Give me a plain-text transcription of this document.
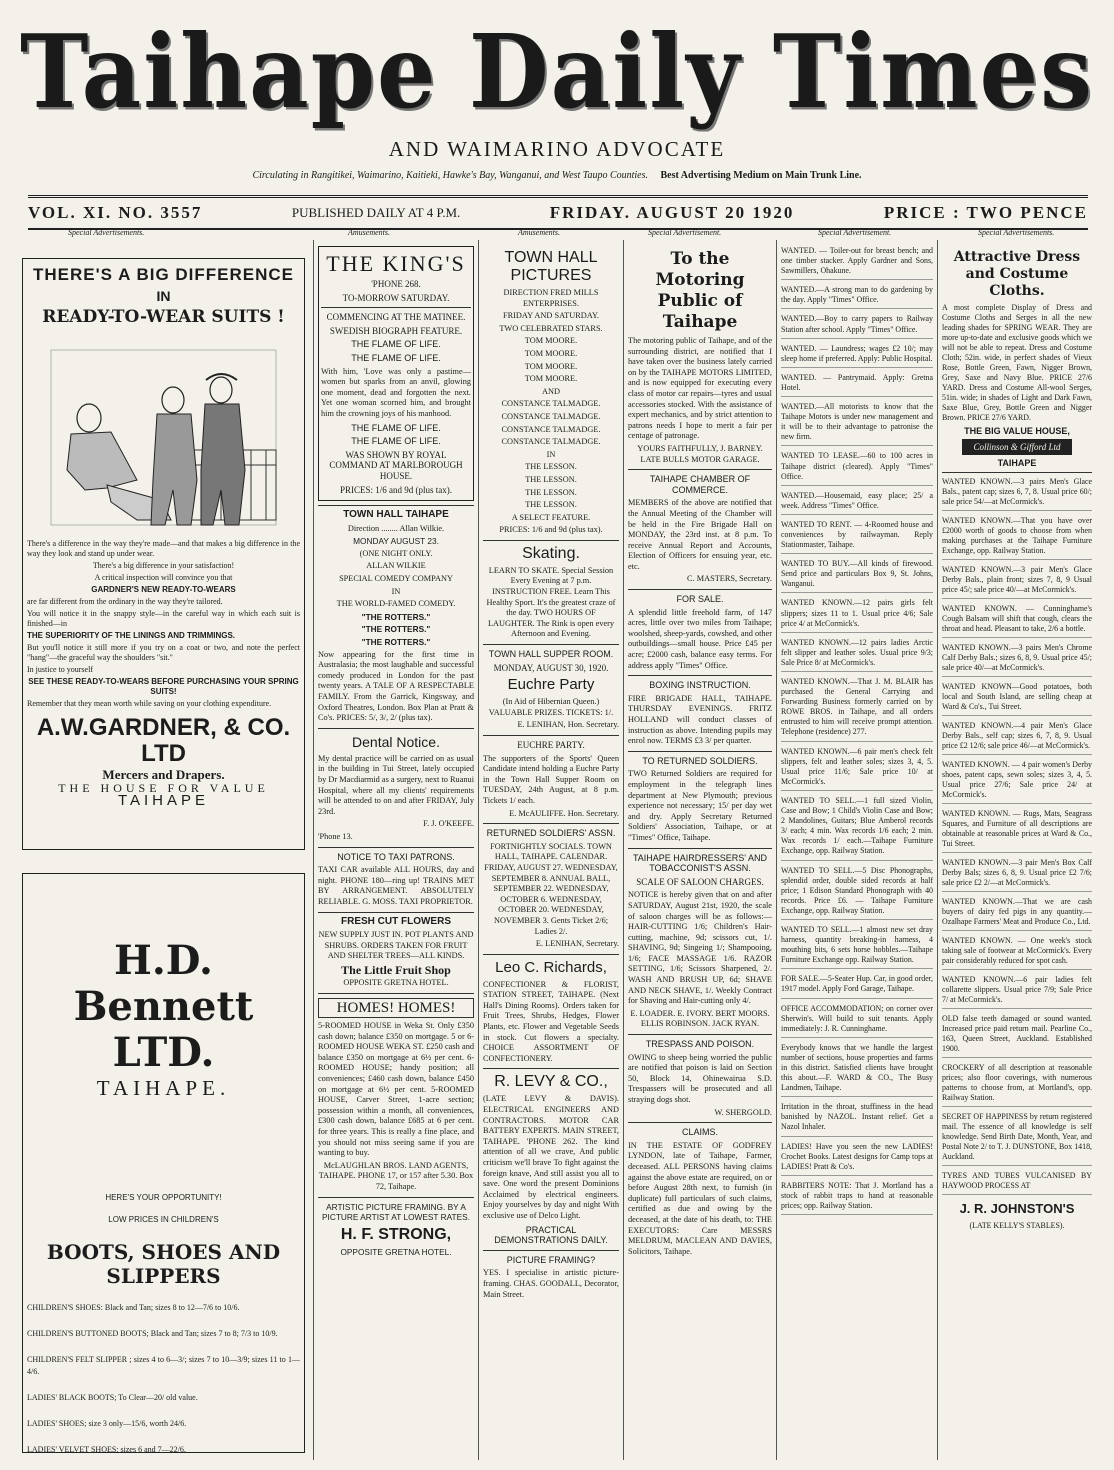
Taihape Daily Times
AND WAIMARINO ADVOCATE
Circulating in Rangitikei, Waimarino, Kaitieki, Hawke's Bay, Wanganui, and West Taupo Counties. Best Advertising Medium on Main Trunk Line.
VOL. XI. NO. 3557	PUBLISHED DAILY AT 4 P.M.	FRIDAY. AUGUST 20 1920	PRICE : TWO PENCE
Special Advertisements.	Amusements.	Amusements.	Special Advertisement.	Special Advertisement.	Special Advertisements.
THERE'S A BIG DIFFERENCE
IN
READY-TO-WEAR SUITS !

There's a difference in the way they're made—and that makes a big difference in the way they look and stand up under wear.

There's a big difference in your satisfaction!

A critical inspection will convince you that

GARDNER'S NEW READY-TO-WEARS

are far different from the ordinary in the way they're tailored.

You will notice it in the snappy style—in the careful way in which each suit is finished—in

THE SUPERIORITY OF THE LININGS AND TRIMMINGS.

But you'll notice it still more if you try on a coat or two, and note the perfect "hang"—the graceful way the shoulders "sit."

In justice to yourself

SEE THESE READY-TO-WEARS BEFORE PURCHASING YOUR SPRING SUITS!

Remember that they mean worth while saving on your clothing expenditure.

A.W.GARDNER, & CO. LTD
Mercers and Drapers.
THE HOUSE FOR VALUE
TAIHAPE
H.D. Bennett LTD.
TAIHAPE.

HERE'S YOUR OPPORTUNITY!

LOW PRICES IN CHILDREN'S

BOOTS, SHOES AND SLIPPERS

CHILDREN'S SHOES: Black and Tan; sizes 8 to 12—7/6 to 10/6.

CHILDREN'S BUTTONED BOOTS; Black and Tan; sizes 7 to 8; 7/3 to 10/9.

CHILDREN'S FELT SLIPPER ; sizes 4 to 6—3/; sizes 7 to 10—3/9; sizes 11 to 1—4/6.

LADIES' BLACK BOOTS; To Clear—20/ old value.

LADIES' SHOES; size 3 only—15/6, worth 24/6.

LADIES' VELVET SHOES; sizes 6 and 7—22/6.

THE KING'S
'PHONE 268.
TO-MORROW SATURDAY.
COMMENCING AT THE MATINEE.
SWEDISH BIOGRAPH FEATURE.
THE FLAME OF LIFE.
THE FLAME OF LIFE.

With him, 'Love was only a pastime—women but sparks from an anvil, glowing one moment, dead and forgotten the next. Yet one woman scorned him, and brought him the crowning joys of his manhood.

THE FLAME OF LIFE.
THE FLAME OF LIFE.
WAS SHOWN BY ROYAL COMMAND AT MARLBOROUGH HOUSE.
PRICES: 1/6 and 9d (plus tax).
TOWN HALL TAIHAPE

Direction ........ Allan Wilkie.

MONDAY AUGUST 23.

(ONE NIGHT ONLY.

ALLAN WILKIE

SPECIAL COMEDY COMPANY

IN

THE WORLD-FAMED COMEDY.

"THE ROTTERS."

"THE ROTTERS."

"THE ROTTERS."

Now appearing for the first time in Australasia; the most laughable and successful comedy produced in London for the past twenty years. A TALE OF A RESPECTABLE FAMILY. From the Garrick, Kingsway, and Oxford Theatres, London. Box Plan at Pratt & Co's. PRICES: 5/, 3/, 2/ (plus tax).

Dental Notice.

My dental practice will be carried on as usual in the building in Tui Street, lately occupied by Dr Macdiarmid as a surgery, next to Ruanui Hospital, where all my clients' requirements will be attended to on and after FRIDAY, July 23rd.

F. J. O'KEEFE.

'Phone 13.

NOTICE TO TAXI PATRONS.

TAXI CAR available ALL HOURS, day and night. PHONE 180—ring up! TRAINS MET BY ARRANGEMENT. ABSOLUTELY RELIABLE. G. MOSS. TAXI PROPRIETOR.

FRESH CUT FLOWERS

NEW SUPPLY JUST IN. POT PLANTS AND SHRUBS. ORDERS TAKEN FOR FRUIT AND SHELTER TREES—ALL KINDS.

The Little Fruit Shop

OPPOSITE GRETNA HOTEL.

HOMES! HOMES!

5-ROOMED HOUSE in Weka St. Only £350 cash down; balance £350 on mortgage. 5 or 6-ROOMED HOUSE WEKA ST. £250 cash and balance £350 on mortgage at 6½ per cent. 6-ROOMED HOUSE; handy position; all conveniences; £460 cash down, balance £450 on mortgage at 6½ per cent. 5-ROOMED HOUSE, Carver Street, 1-acre section; possession within a month, all conveniences, £300 cash down, balance £685 at 6 per cent. for three years. This is really a fine place, and you should not miss seeing same if you are wanting to buy.

McLAUGHLAN BROS. LAND AGENTS, TAIHAPE. PHONE 17, or 157 after 5.30. Box 72, Taihape.

ARTISTIC PICTURE FRAMING. BY A PICTURE ARTIST AT LOWEST RATES.

H. F. STRONG,

OPPOSITE GRETNA HOTEL.

TOWN HALL PICTURES

DIRECTION FRED MILLS ENTERPRISES.

FRIDAY AND SATURDAY.

TWO CELEBRATED STARS.

TOM MOORE.

TOM MOORE.

TOM MOORE.

TOM MOORE.

AND

CONSTANCE TALMADGE.

CONSTANCE TALMADGE.

CONSTANCE TALMADGE.

CONSTANCE TALMADGE.

IN

THE LESSON.

THE LESSON.

THE LESSON.

THE LESSON.

A SELECT FEATURE.

PRICES: 1/6 and 9d (plus tax).

Skating.

LEARN TO SKATE. Special Session Every Evening at 7 p.m. INSTRUCTION FREE. Learn This Healthy Sport. It's the greatest craze of the day. TWO HOURS OF LAUGHTER. The Rink is open every Afternoon and Evening.

TOWN HALL SUPPER ROOM.
MONDAY, AUGUST 30, 1920.
Euchre Party

(In Aid of Hibernian Queen.) VALUABLE PRIZES. TICKETS: 1/.

E. LENIHAN, Hon. Secretary.

EUCHRE PARTY.

The supporters of the Sports' Queen Candidate intend holding a Euchre Party in the Town Hall Supper Room on TUESDAY, 24th August, at 8 p.m. Tickets 1/ each.

E. McAULIFFE. Hon. Secretary.

RETURNED SOLDIERS' ASSN.

FORTNIGHTLY SOCIALS. TOWN HALL, TAIHAPE. CALENDAR. FRIDAY, AUGUST 27. WEDNESDAY, SEPTEMBER 8. ANNUAL BALL, SEPTEMBER 22. WEDNESDAY, OCTOBER 6. WEDNESDAY, OCTOBER 20. WEDNESDAY, NOVEMBER 3. Gents Ticket 2/6; Ladies 2/.

E. LENIHAN, Secretary.

Leo C. Richards,

CONFECTIONER & FLORIST, STATION STREET, TAIHAPE. (Next Hall's Dining Rooms). Orders taken for Fruit Trees, Shrubs, Hedges, Flower Plants, etc. Flower and Vegetable Seeds in stock. Cut flowers a specialty. CHOICE ASSORTMENT OF CONFECTIONERY.

R. LEVY & CO.,

(LATE LEVY & DAVIS). ELECTRICAL ENGINEERS AND CONTRACTORS. MOTOR CAR BATTERY EXPERTS. MAIN STREET, TAIHAPE. 'PHONE 262. The kind attention of all we crave, And public criticism we'll brave To fight against the foreign knave, And still assist you all to save. One word the present Dominions Acclaimed by electrical engineers. Enjoy yourselves by day and night With exclusive use of Delco Light.

PRACTICAL DEMONSTRATIONS DAILY.
PICTURE FRAMING?

YES. I specialise in artistic picture-framing. CHAS. GOODALL, Decorator, Main Street.

To the Motoring Public of Taihape

The motoring public of Taihape, and of the surrounding district, are notified that I have taken over the business lately carried on by the TAIHAPE MOTORS LIMITED, and is now equipped for executing every class of motor car repairs—tyres and usual accessories stocked. With the assistance of expert mechanics, and by strict attention to patrons needs I hope to merit a fair per centage of patronage.

YOURS FAITHFULLY, J. BARNEY. LATE BULLS MOTOR GARAGE.

TAIHAPE CHAMBER OF COMMERCE.

MEMBERS of the above are notified that the Annual Meeting of the Chamber will be held in the Fire Brigade Hall on MONDAY, the 23rd inst. at 8 p.m. To receive Annual Report and Accounts, Election of Officers for ensuing year, etc. etc.

C. MASTERS, Secretary.

FOR SALE.

A splendid little freehold farm, of 147 acres, little over two miles from Taihape; woolshed, sheep-yards, cowshed, and other outbuildings—small house. Price £45 per acre; £2000 cash, balance easy terms. For address apply "Times" Office.

BOXING INSTRUCTION.

FIRE BRIGADE HALL, TAIHAPE. THURSDAY EVENINGS. FRITZ HOLLAND will conduct classes of instruction as above. Intending pupils may enrol now. TERMS £3 3/ per quarter.

TO RETURNED SOLDIERS.

TWO Returned Soldiers are required for employment in the telegraph lines department at New Plymouth; previous experience not necessary; 15/ per day wet and dry. Apply Secretary Returned Soldiers' Association, Taihape, or at "Times" Office, Taihape.

TAIHAPE HAIRDRESSERS' AND TOBACCONIST'S ASSN.
SCALE OF SALOON CHARGES.

NOTICE is hereby given that on and after SATURDAY, August 21st, 1920, the scale of saloon charges will be as follows:— HAIR-CUTTING 1/6; Children's Hair-cutting, machine, 9d; scissors cut, 1/. SHAVING, 9d; Singeing 1/; Shampooing, 1/6; FACE MASSAGE 1/6. RAZOR SETTING, 1/6; Scissors Sharpened, 2/. WASH AND BRUSH UP, 6d; SHAVE AND NECK SHAVE, 1/. Weekly Contract for Shaving and Hair-cutting only 4/.

E. LOADER. E. IVORY. BERT MOORS. ELLIS ROBINSON. JACK RYAN.

TRESPASS AND POISON.

OWING to sheep being worried the public are notified that poison is laid on Section 50, Block 14, Ohinewairua S.D. Trespassers will be prosecuted and all straying dogs shot.

W. SHERGOLD.

CLAIMS.

IN THE ESTATE OF GODFREY LYNDON, late of Taihape, Farmer, deceased. ALL PERSONS having claims against the above estate are required, on or before August 28th next, to furnish (in duplicate) full particulars of such claims, certified as due and owing by the deceased, at the date of his death, to: THE EXECUTORS: Care MESSRS MELDRUM, MACLEAN AND DAVIES, Solicitors, Taihape.

WANTED. — Toiler-out for breast bench; and one timber stacker. Apply Gardner and Sons, Sawmillers, Ohakune.

WANTED.—A strong man to do gardening by the day. Apply "Times" Office.

WANTED.—Boy to carry papers to Railway Station after school. Apply "Times" Office.

WANTED. — Laundress; wages £2 10/; may sleep home if preferred. Apply: Public Hospital.

WANTED. — Pantrymaid. Apply: Gretna Hotel.

WANTED.—All motorists to know that the Taihape Motors is under new management and it will be to their advantage to patronise the new firm.

WANTED TO LEASE.—60 to 100 acres in Taihape district (cleared). Apply "Times" Office.

WANTED.—Housemaid, easy place; 25/ a week. Address "Times" Office.

WANTED TO RENT. — 4-Roomed house and conveniences by railwayman. Reply Stationmaster, Taihape.

WANTED TO BUY.—All kinds of firewood. Send price and particulars Box 9, St. Johns, Wanganui.

WANTED KNOWN.—12 pairs girls felt slippers; sizes 11 to 1. Usual price 4/6; Sale price 4/ at McCormick's.

WANTED KNOWN.—12 pairs ladies Arctic felt slipper and leather soles. Usual price 9/3; Sale Price 8/ at McCormick's.

WANTED KNOWN.—That J. M. BLAIR has purchased the General Carrying and Forwarding Business formerly carried on by ROWE BROS. in Taihape, and all orders entrusted to him will receive prompt attention. Telephone (residence) 277.

WANTED KNOWN.—6 pair men's check felt slippers, felt and leather soles; sizes 3, 4, 5. Usual price 11/6; Sale price 10/ at McCormick's.

WANTED TO SELL.—1 full sized Violin, Case and Bow; 1 Child's Violin Case and Bow; 2 Mandolines, Guitars; Blue Amberol records 3/ each; 4 min. Wax records 1/6 each; 2 min. Wax records 1/ each.—Taihape Furniture Exchange, opp. Railway Station.

WANTED TO SELL.—5 Disc Phonographs, splendid order, double sided records at half price; 1 Edison Standard Phonograph with 40 records. Price £6. — Taihape Furniture Exchange, opp. Railway Station.

WANTED TO SELL.—1 almost new set dray harness, quantity breaking-in harness, 4 mouthing bits, 6 sets horse hobbles.—Taihape Furniture Exchange opp. Railway Station.

FOR SALE.—5-Seater Hup. Car, in good order, 1917 model. Apply Ford Garage, Taihape.

OFFICE ACCOMMODATION; on corner over Sherwin's. Will build to suit tenants. Apply immediately: J. R. Cunninghame.

Everybody knows that we handle the largest number of sections, house properties and farms in this district. Satisfied clients have brought this about.—F. WARD & CO., The Busy Landmen, Taihape.

Irritation in the throat, stuffiness in the head banished by NAZOL. Instant relief. Get a Nazol Inhaler.

LADIES! Have you seen the new LADIES! Crochet Books. Latest designs for Camp tops at LADIES! Pratt & Co's.

RABBITERS NOTE: That J. Mortland has a stock of rabbit traps to hand at reasonable prices; opp. Railway Station.

Attractive Dress and Costume Cloths.

A most complete Display of Dress and Costume Cloths and Serges in all the new leading shades for SPRING WEAR. They are more up-to-date and exclusive goods which we will not be able to repeat. Dress and Costume Cloth; 52in. wide, in perfect shades of Vieux Rose, Bottle Green, Fawn, Nigger Brown, Grey, Saxe and Navy Blue. PRICE 27/6 YARD. Dress and Costume All-wool Serges, 51in. wide; in shades of Light and Dark Fawn, Saxe Blue, Grey, Bottle Green and Nigger Brown. PRICE 27/6 YARD.

THE BIG VALUE HOUSE,
Collinson & Gifford Ltd
TAIHAPE

WANTED KNOWN.—3 pairs Men's Glace Bals., patent cap; sizes 6, 7, 8. Usual price 60/; sale price 54/—at McCormick's.

WANTED KNOWN.—That you have over £2000 worth of goods to choose from when making purchases at the Taihape Furniture Exchange, opp. Railway Station.

WANTED KNOWN.—3 pair Men's Glace Derby Bals., plain front; sizes 7, 8, 9 Usual price 45/; sale price 40/—at McCormick's.

WANTED KNOWN. — Cunninghame's Cough Balsam will shift that cough, clears the throat and head. Pleasant to take, 2/6 a bottle.

WANTED KNOWN.—3 pairs Men's Chrome Calf Derby Bals.; sizes 6, 8, 9. Usual price 45/; sale price 40/—at McCormick's.

WANTED KNOWN—Good potatoes, both local and South Island, are selling cheap at Ward & Co's., Tui Street.

WANTED KNOWN.—4 pair Men's Glace Derby Bals., self cap; sizes 6, 7, 8, 9. Usual price £2 12/6; sale price 46/—at McCormick's.

WANTED KNOWN. — 4 pair women's Derby shoes, patent caps, sewn soles; sizes 3, 4, 5. Usual price 27/6; Sale price 24/ at McCormick's.

WANTED KNOWN. — Rugs, Mats, Seagrass Squares, and Furniture of all descriptions are obtainable at reasonable prices at Ward & Co., Tui Street.

WANTED KNOWN.—3 pair Men's Box Calf Derby Bals; sizes 6, 8, 9. Usual price £2 7/6; sale price £2 2/—at McCormick's.

WANTED KNOWN.—That we are cash buyers of dairy fed pigs in any quantity.—Ozalhape Farmers' Meat and Produce Co., Ltd.

WANTED KNOWN. — One week's stock taking sale of footwear at McCormick's. Every pair considerably reduced for spot cash.

WANTED KNOWN.—6 pair ladies felt collarette slippers. Usual price 7/9; Sale Price 7/ at McCormick's.

OLD false teeth damaged or sound wanted. Increased price paid return mail. Pearline Co., 163, Queen Street, Auckland. Established 1900.

CROCKERY of all description at reasonable prices; also floor coverings, with numerous patterns to choose from, at Mortland's, opp. Railway Station.

SECRET OF HAPPINESS by return registered mail. The essence of all knowledge is self knowledge. Send Birth Date, Month, Year, and Postal Note 2/ to T. J. DUNSTONE, Box 1418, Auckland.

TYRES AND TUBES VULCANISED BY HAYWOOD PROCESS AT

J. R. JOHNSTON'S

(LATE KELLY'S STABLES).
